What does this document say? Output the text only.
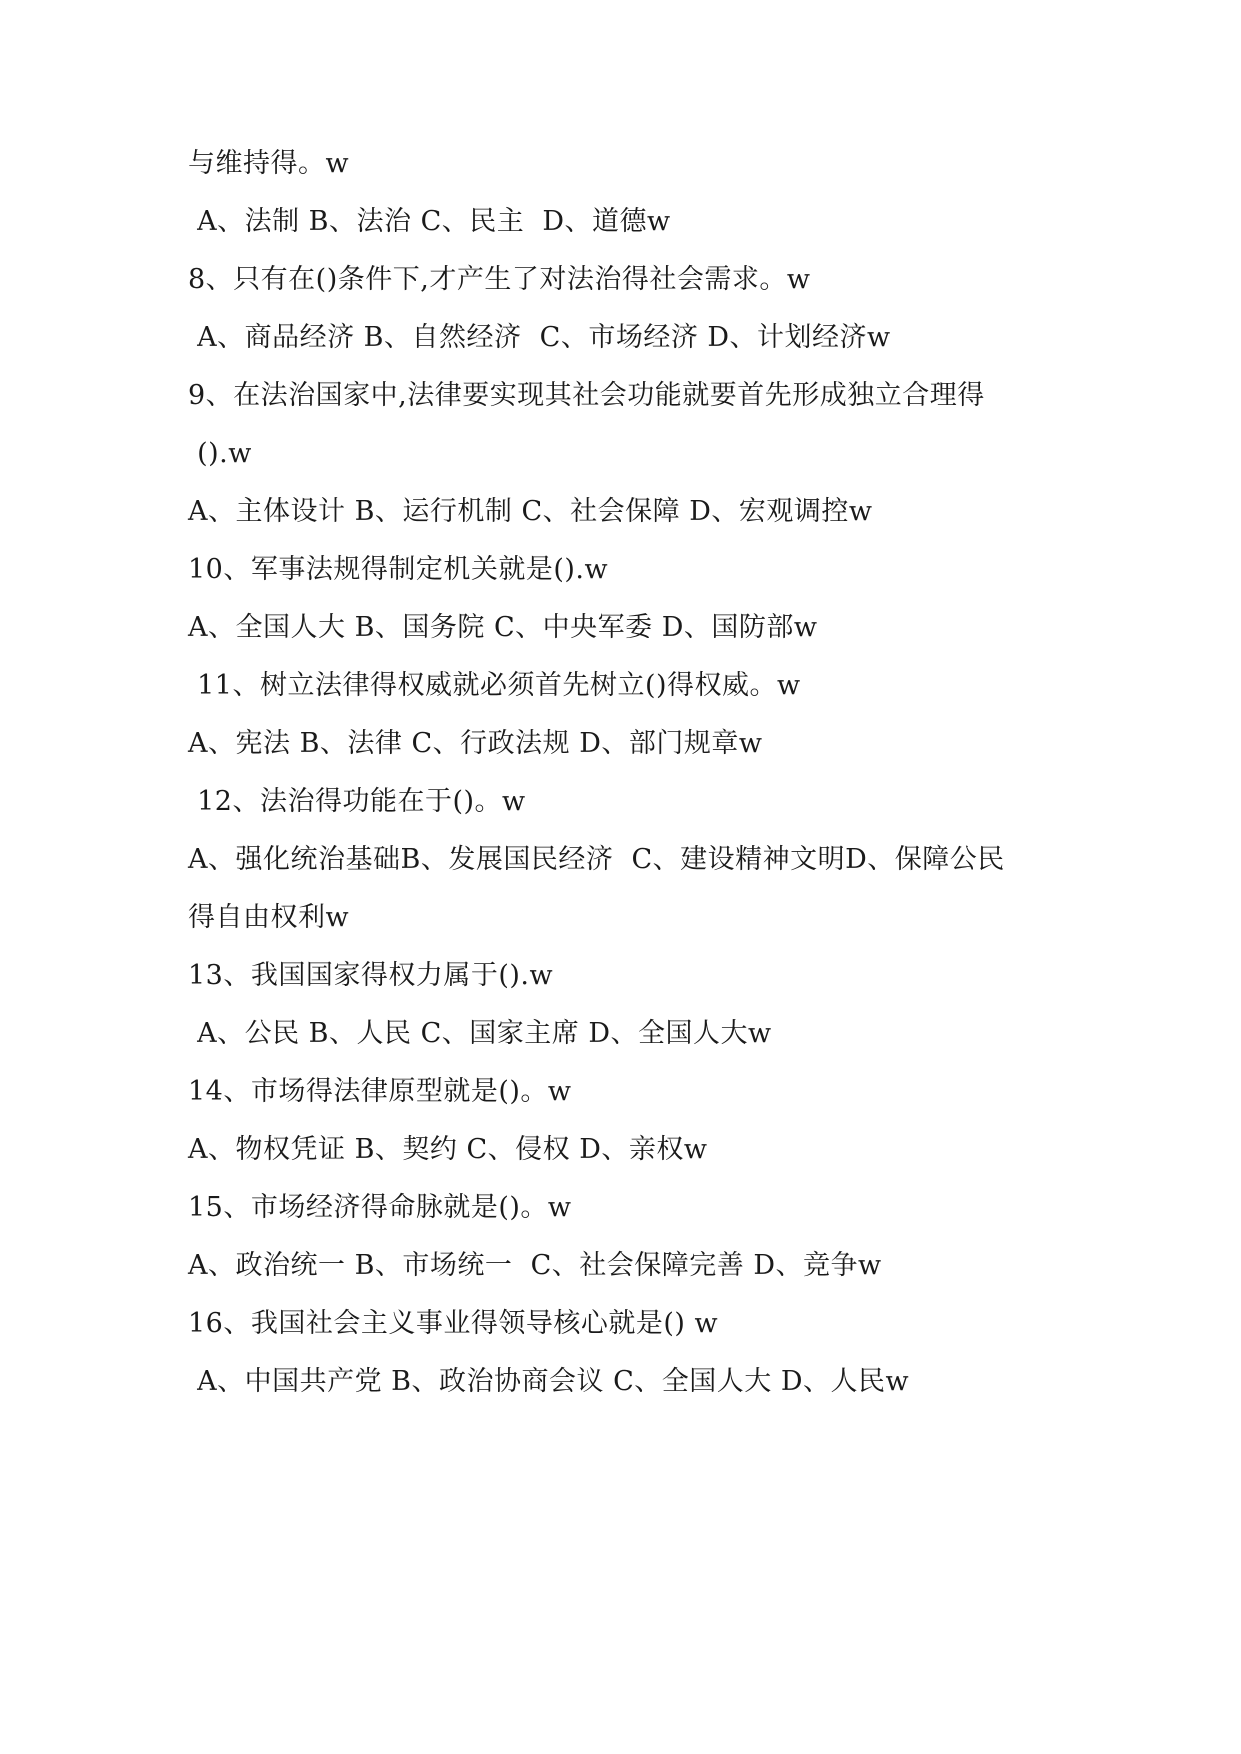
与维持得。w
A、法制 B、法治 C、民主  D、道德w
8、只有在()条件下,才产生了对法治得社会需求。w
A、商品经济 B、自然经济  C、市场经济 D、计划经济w
9、在法治国家中,法律要实现其社会功能就要首先形成独立合理得
().w
A、主体设计 B、运行机制 C、社会保障 D、宏观调控w
10、军事法规得制定机关就是().w
A、全国人大 B、国务院 C、中央军委 D、国防部w
11、树立法律得权威就必须首先树立()得权威。w
A、宪法 B、法律 C、行政法规 D、部门规章w
12、法治得功能在于()。w
A、强化统治基础B、发展国民经济  C、建设精神文明D、保障公民
得自由权利w
13、我国国家得权力属于().w
A、公民 B、人民 C、国家主席 D、全国人大w
14、市场得法律原型就是()。w
A、物权凭证 B、契约 C、侵权 D、亲权w
15、市场经济得命脉就是()。w
A、政治统一 B、市场统一  C、社会保障完善 D、竞争w
16、我国社会主义事业得领导核心就是() w
A、中国共产党 B、政治协商会议 C、全国人大 D、人民w
